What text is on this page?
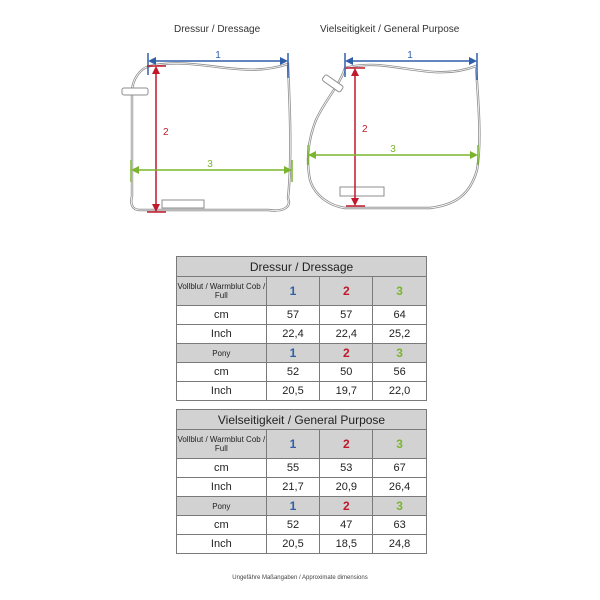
Dressur / Dressage	Vielseitigkeit / General Purpose
1
2
3
1
2
3
Dressur / Dressage			
Vollblut / Warmblut Cob / Full	1	2	3
cm	57	57	64
Inch	22,4	22,4	25,2
Pony	1	2	3
cm	52	50	56
Inch	20,5	19,7	22,0
Vielseitigkeit / General Purpose			
Vollblut / Warmblut Cob / Full	1	2	3
cm	55	53	67
Inch	21,7	20,9	26,4
Pony	1	2	3
cm	52	47	63
Inch	20,5	18,5	24,8
Ungefähre Maßangaben / Approximate dimensions
